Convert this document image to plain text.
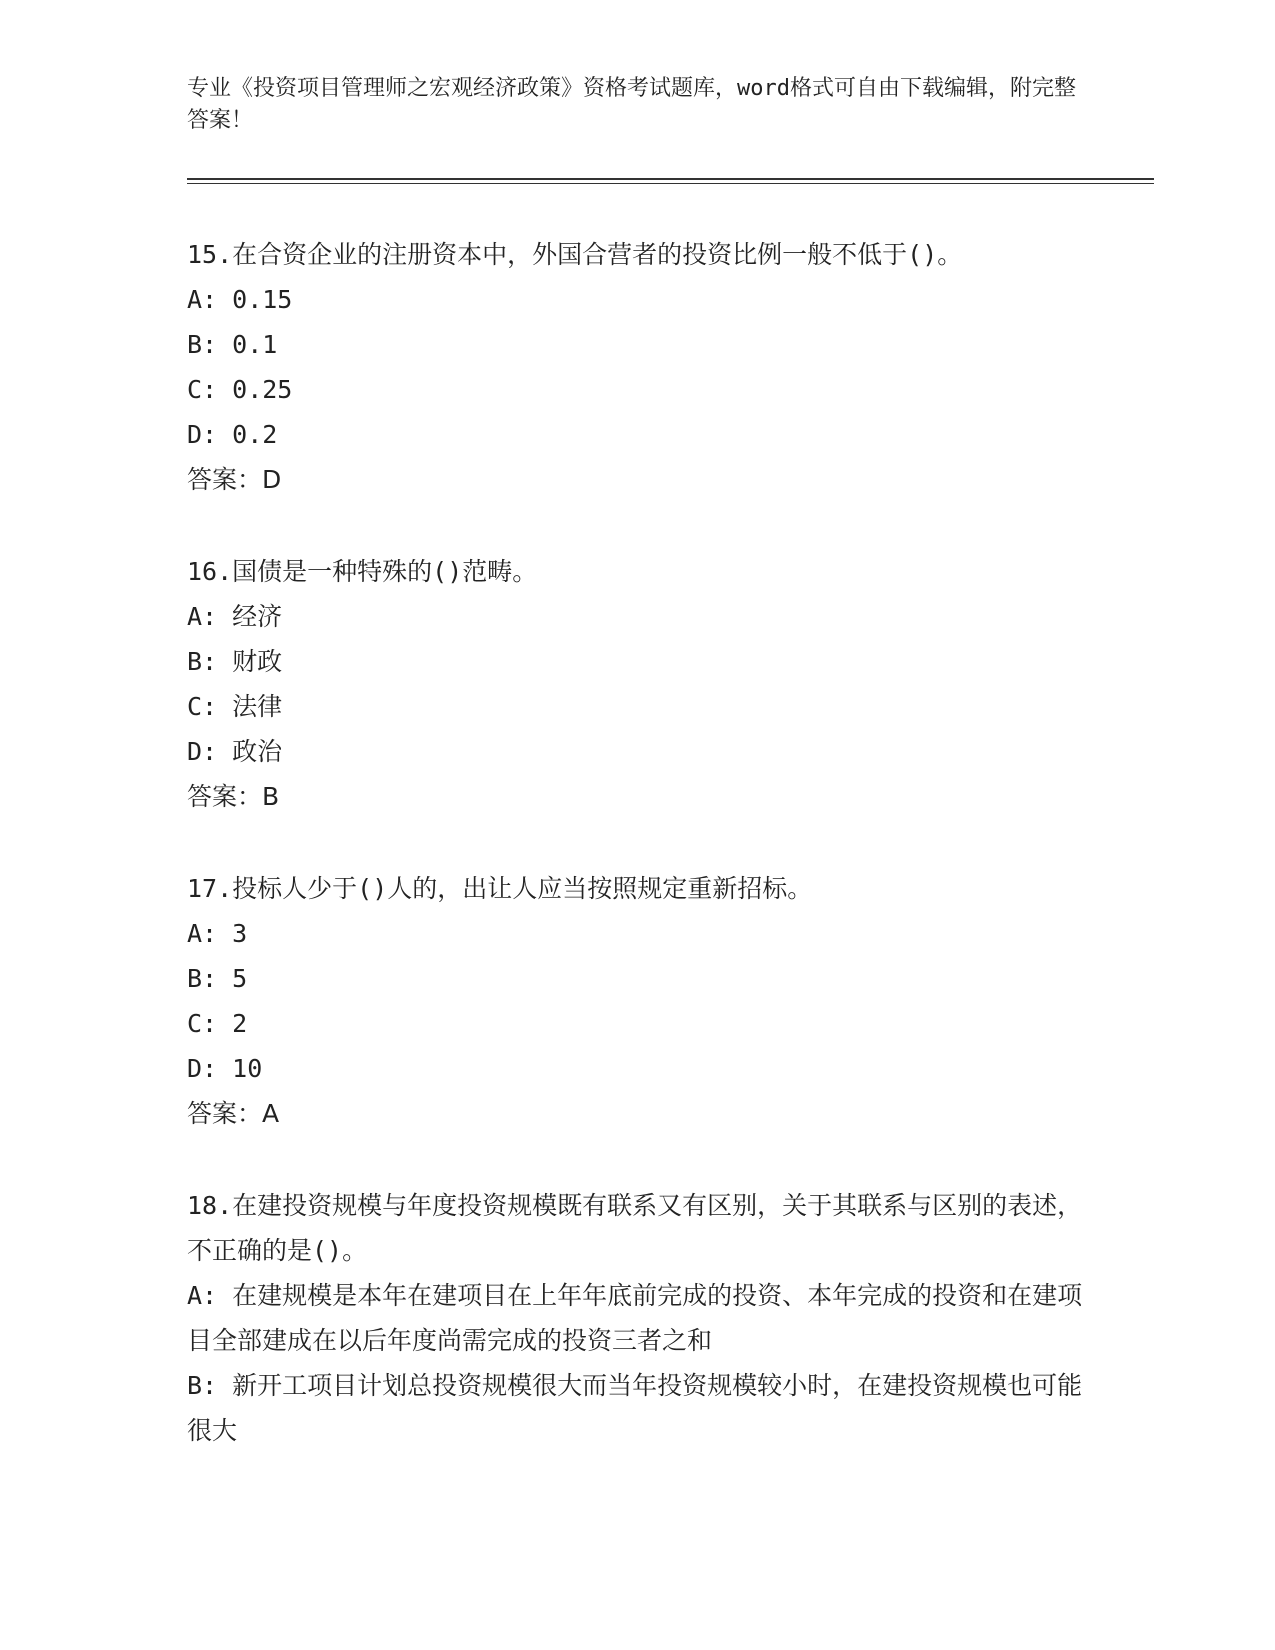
专业《投资项目管理师之宏观经济政策》资格考试题库，word格式可自由下载编辑，附完整答案！
15.在合资企业的注册资本中，外国合营者的投资比例一般不低于()。
A: 0.15
B: 0.1
C: 0.25
D: 0.2
答案：D
16.国债是一种特殊的()范畴。
A: 经济
B: 财政
C: 法律
D: 政治
答案：B
17.投标人少于()人的，出让人应当按照规定重新招标。
A: 3
B: 5
C: 2
D: 10
答案：A
18.在建投资规模与年度投资规模既有联系又有区别，关于其联系与区别的表述，不正确的是()。
A: 在建规模是本年在建项目在上年年底前完成的投资、本年完成的投资和在建项目全部建成在以后年度尚需完成的投资三者之和
B: 新开工项目计划总投资规模很大而当年投资规模较小时，在建投资规模也可能很大
